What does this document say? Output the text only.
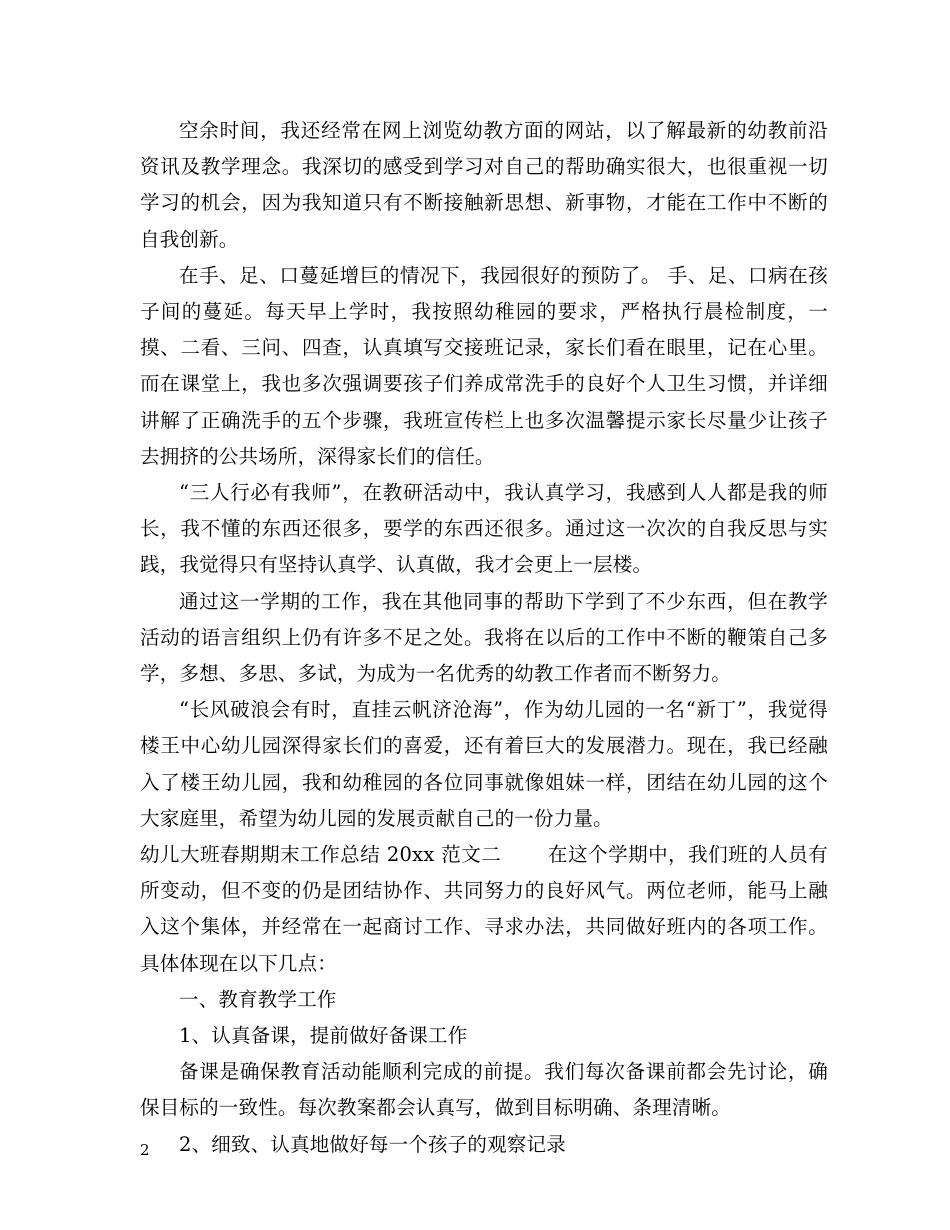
空余时间，我还经常在网上浏览幼教方面的网站，以了解最新的幼教前沿资讯及教学理念。我深切的感受到学习对自己的帮助确实很大，也很重视一切学习的机会，因为我知道只有不断接触新思想、新事物，才能在工作中不断的自我创新。

在手、足、口蔓延增巨的情况下，我园很好的预防了。 手、足、口病在孩子间的蔓延。每天早上学时，我按照幼稚园的要求，严格执行晨检制度，一摸、二看、三问、四查，认真填写交接班记录，家长们看在眼里，记在心里。而在课堂上，我也多次强调要孩子们养成常洗手的良好个人卫生习惯，并详细讲解了正确洗手的五个步骤，我班宣传栏上也多次温馨提示家长尽量少让孩子去拥挤的公共场所，深得家长们的信任。

“三人行必有我师”，在教研活动中，我认真学习，我感到人人都是我的师长，我不懂的东西还很多，要学的东西还很多。通过这一次次的自我反思与实践，我觉得只有坚持认真学、认真做，我才会更上一层楼。

通过这一学期的工作，我在其他同事的帮助下学到了不少东西，但在教学活动的语言组织上仍有许多不足之处。我将在以后的工作中不断的鞭策自己多学，多想、多思、多试，为成为一名优秀的幼教工作者而不断努力。

“长风破浪会有时，直挂云帆济沧海”，作为幼儿园的一名“新丁”，我觉得楼王中心幼儿园深得家长们的喜爱，还有着巨大的发展潜力。现在，我已经融入了楼王幼儿园，我和幼稚园的各位同事就像姐妹一样，团结在幼儿园的这个大家庭里，希望为幼儿园的发展贡献自己的一份力量。

幼儿大班春期期末工作总结 20xx 范文二　　 在这个学期中，我们班的人员有所变动，但不变的仍是团结协作、共同努力的良好风气。两位老师，能马上融入这个集体，并经常在一起商讨工作、寻求办法，共同做好班内的各项工作。具体体现在以下几点：

一、教育教学工作

1、认真备课，提前做好备课工作

备课是确保教育活动能顺利完成的前提。我们每次备课前都会先讨论，确保目标的一致性。每次教案都会认真写，做到目标明确、条理清晰。

2、细致、认真地做好每一个孩子的观察记录

2
